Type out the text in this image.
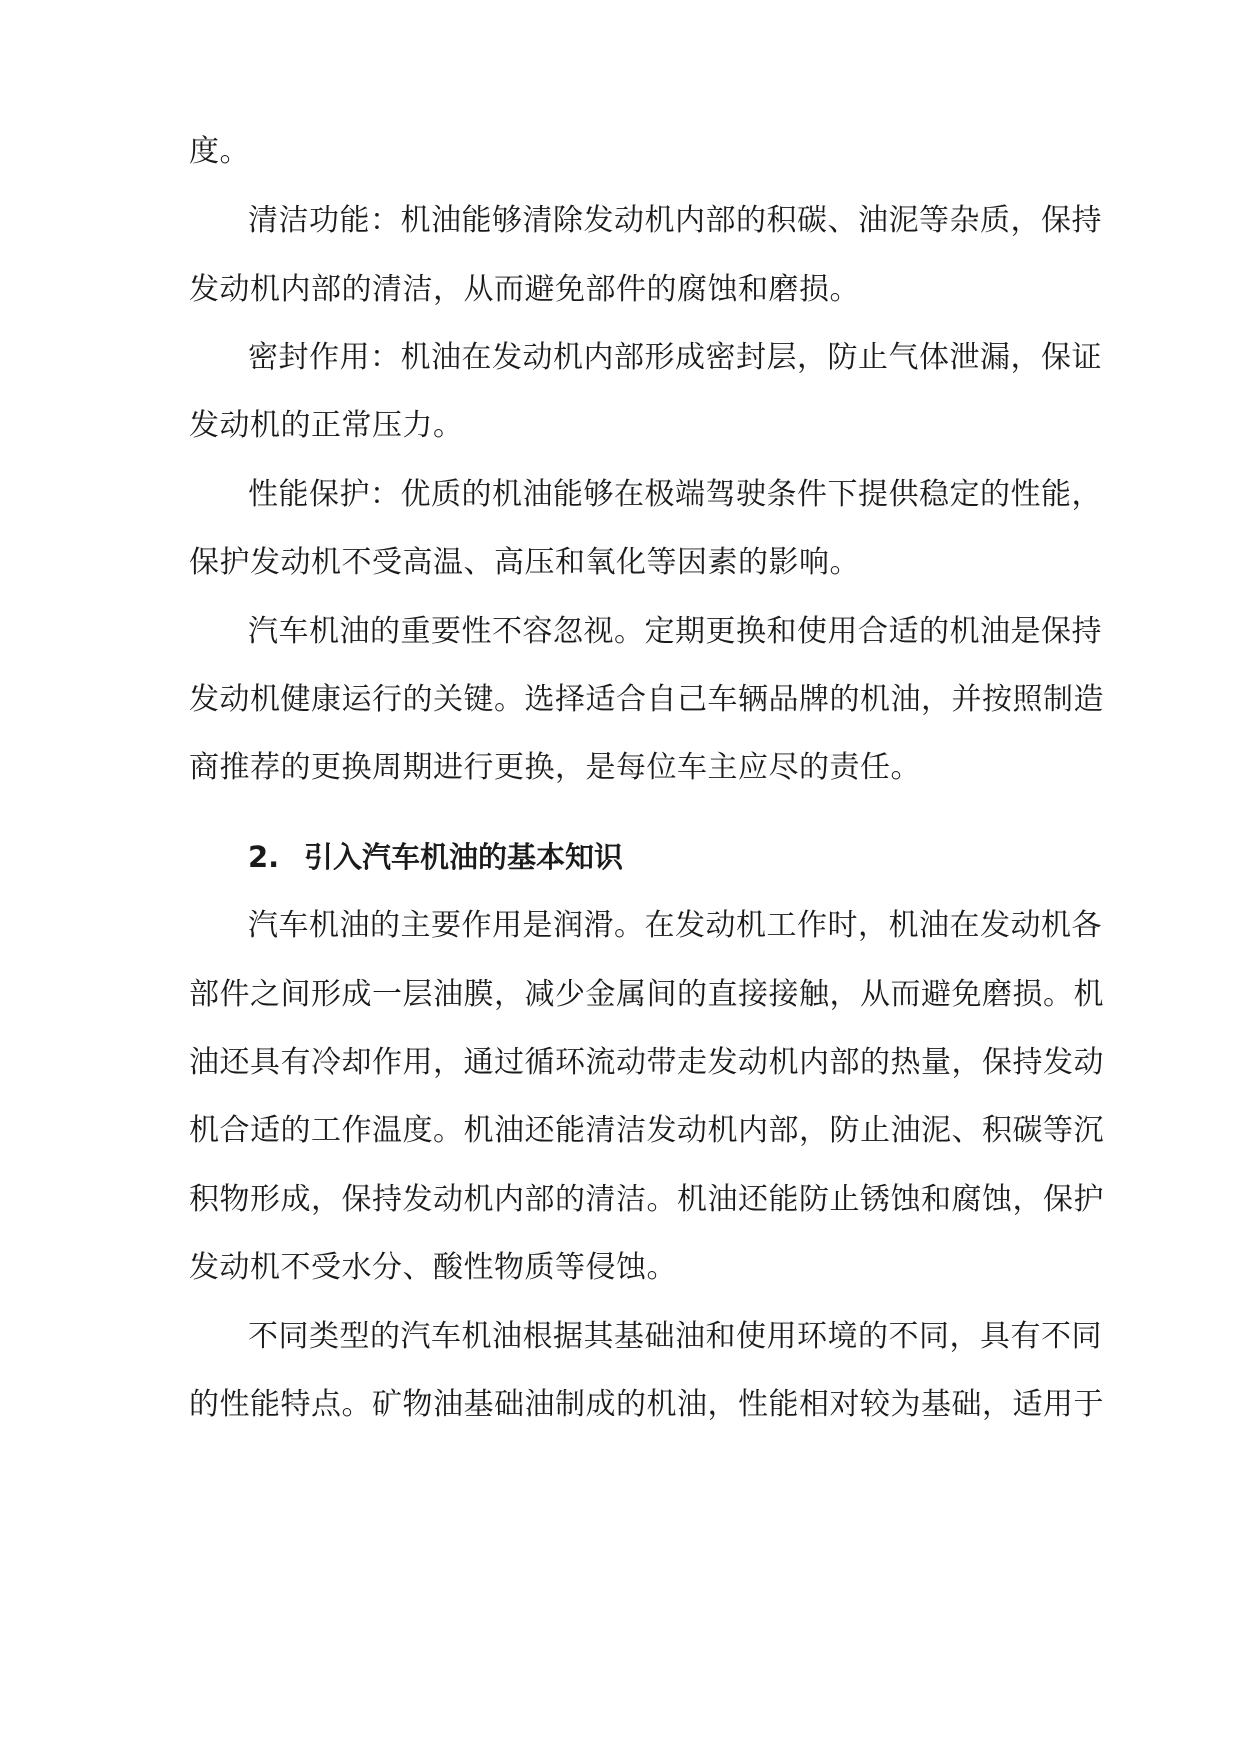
度。
清洁功能：机油能够清除发动机内部的积碳、油泥等杂质，保持
发动机内部的清洁，从而避免部件的腐蚀和磨损。
密封作用：机油在发动机内部形成密封层，防止气体泄漏，保证
发动机的正常压力。
性能保护：优质的机油能够在极端驾驶条件下提供稳定的性能，
保护发动机不受高温、高压和氧化等因素的影响。
汽车机油的重要性不容忽视。定期更换和使用合适的机油是保持
发动机健康运行的关键。选择适合自己车辆品牌的机油，并按照制造
商推荐的更换周期进行更换，是每位车主应尽的责任。
2. 引入汽车机油的基本知识
汽车机油的主要作用是润滑。在发动机工作时，机油在发动机各
部件之间形成一层油膜，减少金属间的直接接触，从而避免磨损。机
油还具有冷却作用，通过循环流动带走发动机内部的热量，保持发动
机合适的工作温度。机油还能清洁发动机内部，防止油泥、积碳等沉
积物形成，保持发动机内部的清洁。机油还能防止锈蚀和腐蚀，保护
发动机不受水分、酸性物质等侵蚀。
不同类型的汽车机油根据其基础油和使用环境的不同，具有不同
的性能特点。矿物油基础油制成的机油，性能相对较为基础，适用于
